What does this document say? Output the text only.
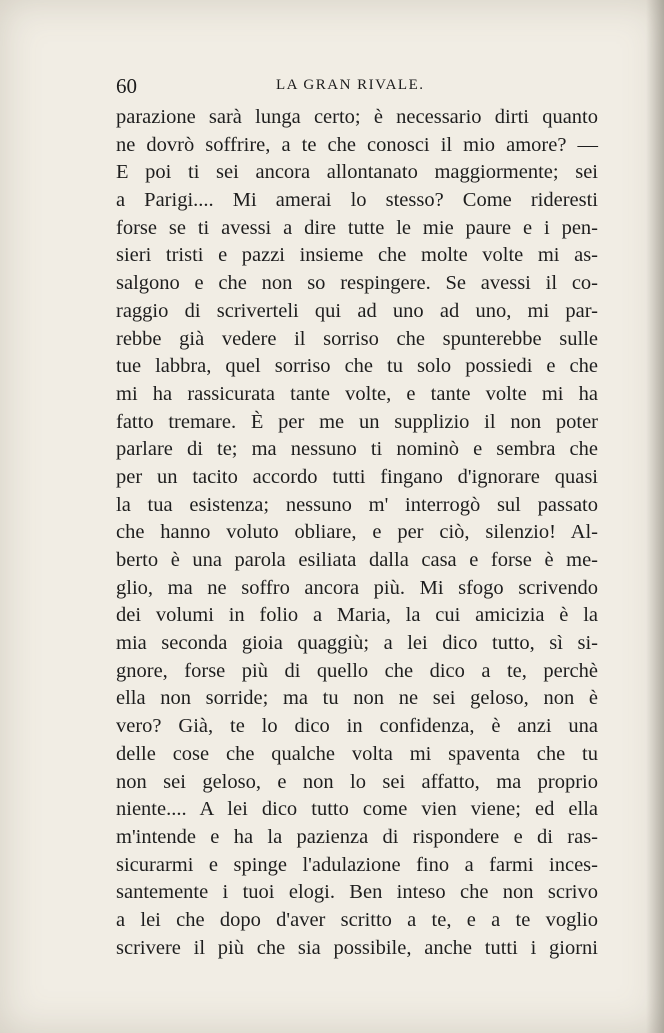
60	LA GRAN RIVALE.
parazione sarà lunga certo; è necessario dirti quanto
ne dovrò soffrire, a te che conosci il mio amore? —
E poi ti sei ancora allontanato maggiormente; sei
a Parigi.... Mi amerai lo stesso? Come rideresti
forse se ti avessi a dire tutte le mie paure e i pen-
sieri tristi e pazzi insieme che molte volte mi as-
salgono e che non so respingere. Se avessi il co-
raggio di scriverteli qui ad uno ad uno, mi par-
rebbe già vedere il sorriso che spunterebbe sulle
tue labbra, quel sorriso che tu solo possiedi e che
mi ha rassicurata tante volte, e tante volte mi ha
fatto tremare. È per me un supplizio il non poter
parlare di te; ma nessuno ti nominò e sembra che
per un tacito accordo tutti fingano d'ignorare quasi
la tua esistenza; nessuno m' interrogò sul passato
che hanno voluto obliare, e per ciò, silenzio! Al-
berto è una parola esiliata dalla casa e forse è me-
glio, ma ne soffro ancora più. Mi sfogo scrivendo
dei volumi in folio a Maria, la cui amicizia è la
mia seconda gioia quaggiù; a lei dico tutto, sì si-
gnore, forse più di quello che dico a te, perchè
ella non sorride; ma tu non ne sei geloso, non è
vero? Già, te lo dico in confidenza, è anzi una
delle cose che qualche volta mi spaventa che tu
non sei geloso, e non lo sei affatto, ma proprio
niente.... A lei dico tutto come vien viene; ed ella
m'intende e ha la pazienza di rispondere e di ras-
sicurarmi e spinge l'adulazione fino a farmi inces-
santemente i tuoi elogi. Ben inteso che non scrivo
a lei che dopo d'aver scritto a te, e a te voglio
scrivere il più che sia possibile, anche tutti i giorni
